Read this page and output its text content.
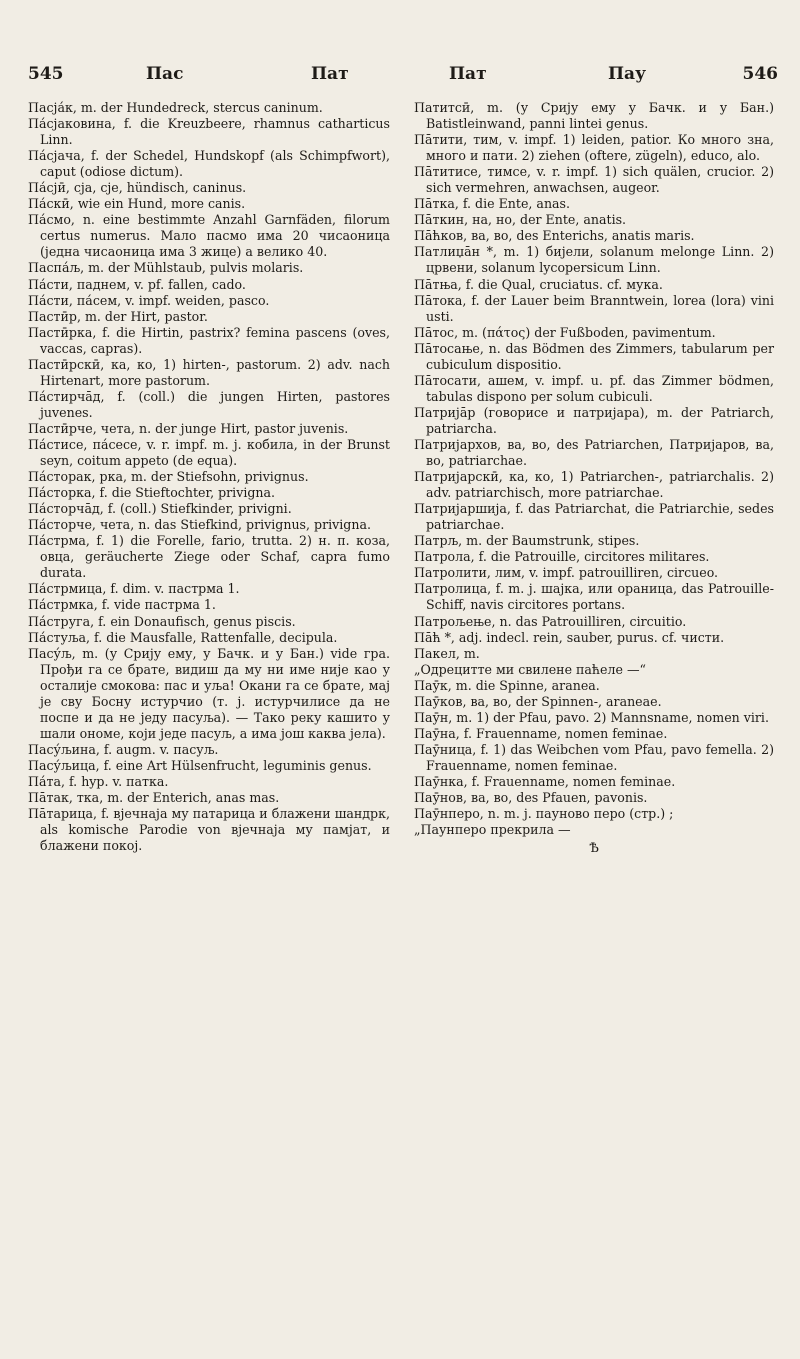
545	Пас	Пат	Пат	Пау	546

Пасја́к, m. der Hundedreck, stercus caninum.

Па́сјаковина, f. die Kreuzbeere, rhamnus catharticus Linn.

Па́сјача, f. der Schedel, Hundskopf (als Schimpfwort), caput (odiose dictum).

Па́сјӣ, сја, сје, hündisch, caninus.

Па́скӣ, wie ein Hund, more canis.

Па́смо, n. eine bestimmte Anzahl Garnfäden, filorum certus numerus. Мало пасмо има 20 чисаоница (једна чисаоница има 3 жице) а велико 40.

Паспа́љ, m. der Mühlstaub, pulvis molaris.

Па́сти, паднем, v. pf. fallen, cado.

Па́сти, па́сем, v. impf. weiden, pasco.

Пастӣр, m. der Hirt, pastor.

Пастӣрка, f. die Hirtin, pastrix? femina pascens (oves, vaccas, capras).

Пастӣрскӣ, ка, ко, 1) hirten-, pastorum. 2) adv. nach Hirtenart, more pastorum.

Па́стирча̄д, f. (coll.) die jungen Hirten, pastores juvenes.

Пастӣрче, чета, n. der junge Hirt, pastor juvenis.

Па́стисе, па́сесе, v. r. impf. m. j. кобила, in der Brunst seyn, coitum appeto (de equa).

Па́сторак, рка, m. der Stiefsohn, privignus.

Па́сторка, f. die Stieftochter, privigna.

Па́сторча̄д, f. (coll.) Stiefkinder, privigni.

Па́сторче, чета, n. das Stiefkind, privignus, privigna.

Па́стрма, f. 1) die Forelle, fario, trutta. 2) н. п. коза, овца, geräucherte Ziege oder Schaf, capra fumo durata.

Па́стрмица, f. dim. v. пастрма 1.

Па́стрмка, f. vide пастрма 1.

Па́струга, f. ein Donaufisch, genus piscis.

Па́стуља, f. die Mausfalle, Rattenfalle, decipula.

Пасу́љ, m. (у Срију ему, у Бачк. и у Бан.) vide гра. Прођи га се брате, видиш да му ни име није као у осталије смокова: пас и уља! Окани га се брате, мај је сву Босну истурчио (т. ј. истурчилисе да не поспе и да не једу пасуља). — Тако реку кашито у шали ономе, који једе пасуљ, а има још каква јела).

Пасу́љина, f. augm. v. пасуљ.

Пасу́љица, f. eine Art Hülsenfrucht, leguminis genus.

Па́та, f. hyp. v. патка.

Па̄так, тка, m. der Enterich, anas mas.

Па̄тарица, f. вјечнаја му патарица и блажени шандрк, als komische Parodie von вјечнаја му памјат, и блажени покој.

Патитсӣ, m. (у Срију ему у Бачк. и у Бан.) Batistleinwand, panni lintei genus.

Па̄тити, тим, v. impf. 1) leiden, patior. Ко много зна, много и пати. 2) ziehen (oftere, zügeln), educo, alo.

Па̄титисе, тимсе, v. r. impf. 1) sich quälen, crucior. 2) sich vermehren, anwachsen, augeor.

Па̄тка, f. die Ente, anas.

Па̄ткин, на, но, der Ente, anatis.

Па̄ћков, ва, во, des Enterichs, anatis maris.

Патлиџа̄н *, m. 1) бијели, solanum melonge Linn. 2) црвени, solanum lycopersicum Linn.

Па̄тња, f. die Qual, cruciatus. cf. мука.

Па̄тока, f. der Lauer beim Branntwein, lorea (lora) vini usti.

Па̄тос, m. (πάτος) der Fußboden, pavimentum.

Па̄тосање, n. das Bödmen des Zimmers, tabularum per cubiculum dispositio.

Па̄тосати, ашем, v. impf. u. pf. das Zimmer bödmen, tabulas dispono per solum cubiculi.

Патрија̄р (говорисе и патријара), m. der Patriarch, patriarcha.

Патријархов, ва, во, des Patriarchen, Патријаров, ва, во, patriarchae.

Патријарскӣ, ка, ко, 1) Patriarchen-, patriarchalis. 2) adv. patriarchisch, more patriarchae.

Патријаршија, f. das Patriarchat, die Patriarchie, sedes patriarchae.

Патрљ, m. der Baumstrunk, stipes.

Патрола, f. die Patrouille, circitores militares.

Патролити, лим, v. impf. patrouilliren, circueo.

Патролица, f. m. j. шајка, или ораница, das Patrouille-Schiff, navis circitores portans.

Патрољење, n. das Patrouilliren, circuitio.

Па̄ћ *, adj. indecl. rein, sauber, purus. cf. чисти.

Пакел, m.

„Одрецитте ми свилене паћеле —“

Паӯк, m. die Spinne, aranea.

Паӯков, ва, во, der Spinnen-, araneae.

Паӯн, m. 1) der Pfau, pavo. 2) Mannsname, nomen viri.

Паӯна, f. Frauenname, nomen feminae.

Паӯница, f. 1) das Weibchen vom Pfau, pavo femella. 2) Frauenname, nomen feminae.

Паӯнка, f. Frauenname, nomen feminae.

Паӯнов, ва, во, des Pfauen, pavonis.

Паӯнперо, n. m. j. пауново перо (стр.) ;

„Паунперо прекрила —

Ѣ
